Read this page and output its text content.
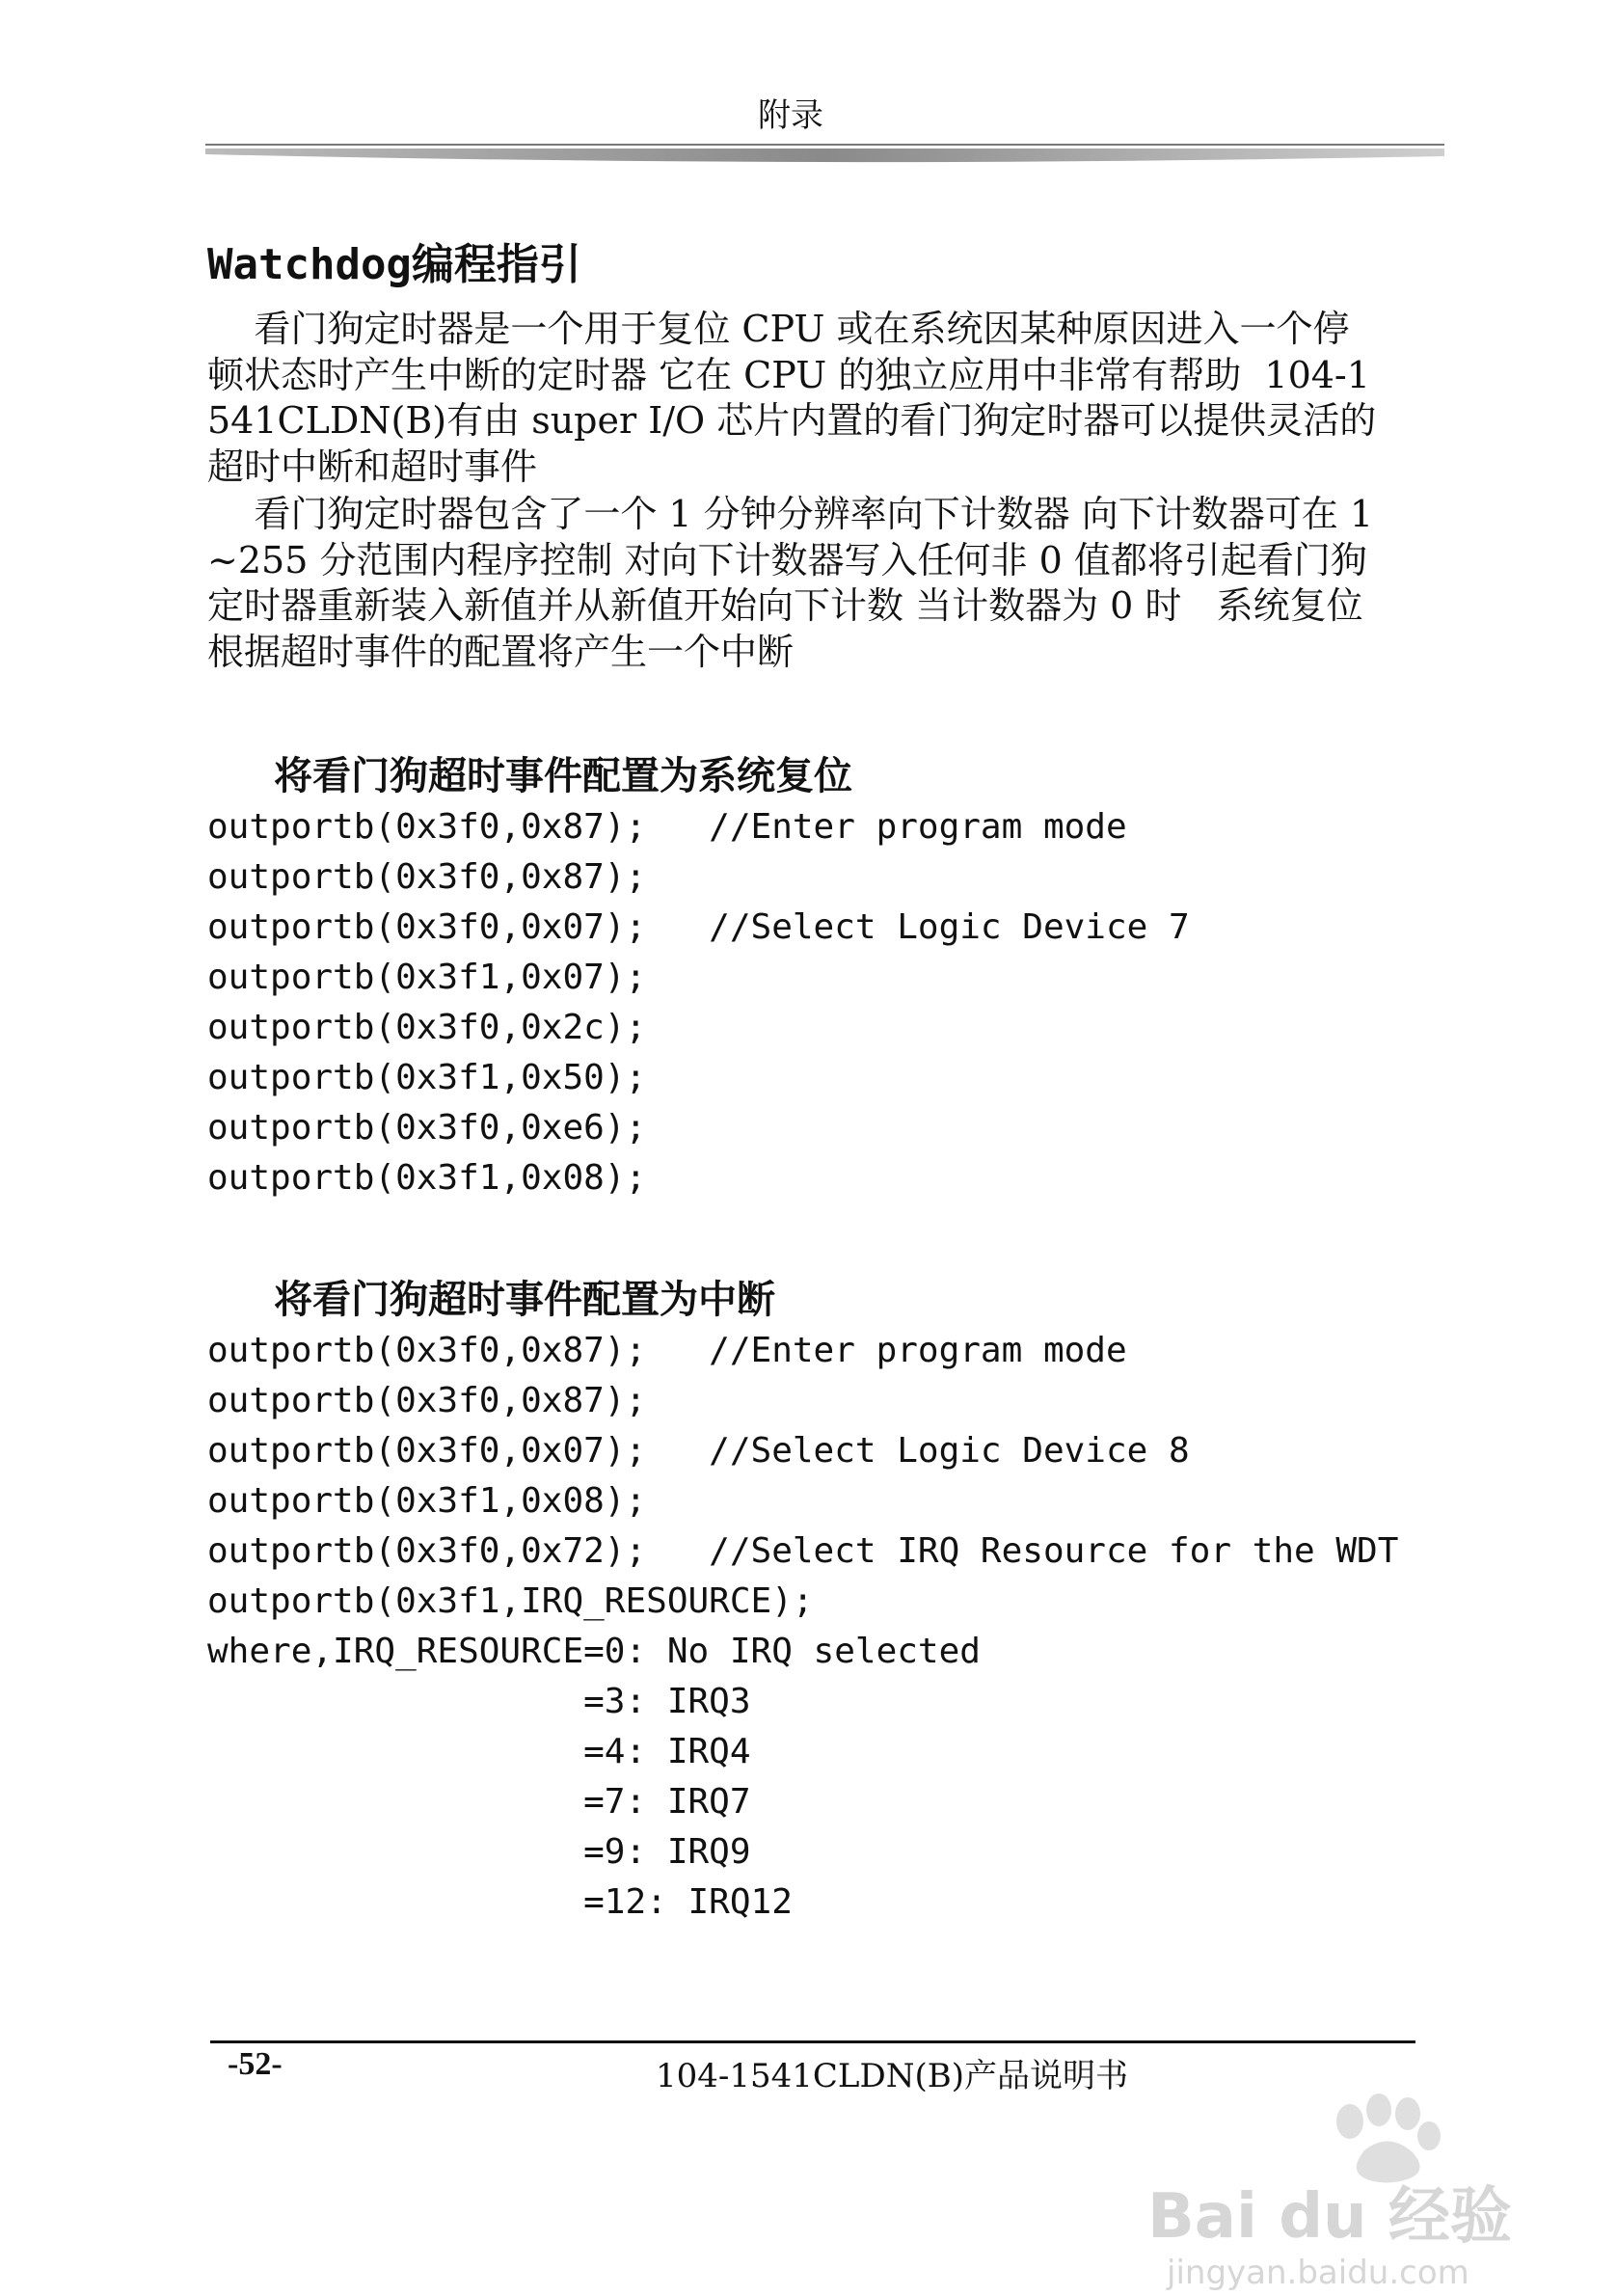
附录
Watchdog编程指引

看门狗定时器是一个用于复位 CPU 或在系统因某种原因进入一个停顿状态时产生中断的定时器 它在 CPU 的独立应用中非常有帮助  104-1541CLDN(B)有由 super I/O 芯片内置的看门狗定时器可以提供灵活的超时中断和超时事件

看门狗定时器包含了一个 1 分钟分辨率向下计数器 向下计数器可在 1~255 分范围内程序控制 对向下计数器写入任何非 0 值都将引起看门狗定时器重新装入新值并从新值开始向下计数 当计数器为 0 时   系统复位   根据超时事件的配置将产生一个中断

将看门狗超时事件配置为系统复位
outportb(0x3f0,0x87);   //Enter program mode
outportb(0x3f0,0x87);
outportb(0x3f0,0x07);   //Select Logic Device 7
outportb(0x3f1,0x07);
outportb(0x3f0,0x2c);
outportb(0x3f1,0x50);
outportb(0x3f0,0xe6);
outportb(0x3f1,0x08);
将看门狗超时事件配置为中断
outportb(0x3f0,0x87);   //Enter program mode
outportb(0x3f0,0x87);
outportb(0x3f0,0x07);   //Select Logic Device 8
outportb(0x3f1,0x08);
outportb(0x3f0,0x72);   //Select IRQ Resource for the WDT
outportb(0x3f1,IRQ_RESOURCE);
where,IRQ_RESOURCE=0: No IRQ selected
=3: IRQ3
=4: IRQ4
=7: IRQ7
=9: IRQ9
=12: IRQ12
-52-	104-1541CLDN(B)产品说明书
Bai du 经验
jingyan.baidu.com
